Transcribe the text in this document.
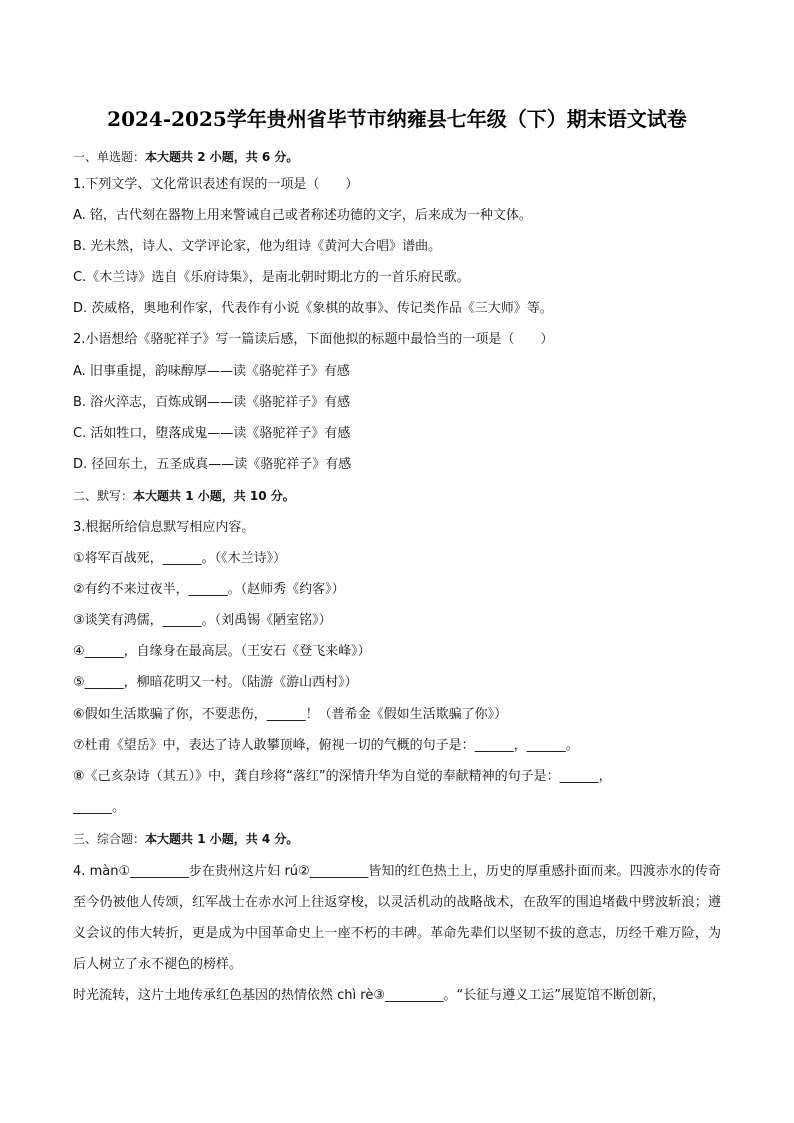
2024-2025学年贵州省毕节市纳雍县七年级（下）期末语文试卷
一、单选题：本大题共 2 小题，共 6 分。
1.下列文学、文化常识表述有误的一项是（　　）
A. 铭，古代刻在器物上用来警诫自己或者称述功德的文字，后来成为一种文体。
B. 光未然，诗人、文学评论家，他为组诗《黄河大合唱》谱曲。
C.《木兰诗》选自《乐府诗集》，是南北朝时期北方的一首乐府民歌。
D. 茨威格，奥地利作家，代表作有小说《象棋的故事》、传记类作品《三大师》等。
2.小语想给《骆驼祥子》写一篇读后感，下面他拟的标题中最恰当的一项是（　　）
A. 旧事重提，韵味醇厚——读《骆驼祥子》有感
B. 浴火淬志，百炼成钢——读《骆驼祥子》有感
C. 活如牲口，堕落成鬼——读《骆驼祥子》有感
D. 径回东土，五圣成真——读《骆驼祥子》有感
二、默写：本大题共 1 小题，共 10 分。
3.根据所给信息默写相应内容。
①将军百战死，______。（《木兰诗》）
②有约不来过夜半，______。（赵师秀《约客》）
③谈笑有鸿儒，______。（刘禹锡《陋室铭》）
④______，自缘身在最高层。（王安石《登飞来峰》）
⑤______，柳暗花明又一村。（陆游《游山西村》）
⑥假如生活欺骗了你，不要悲伤，______！（普希金《假如生活欺骗了你》）
⑦杜甫《望岳》中，表达了诗人敢攀顶峰，俯视一切的气概的句子是：______，______。
⑧《己亥杂诗（其五）》中，龚自珍将“落红”的深情升华为自觉的奉献精神的句子是：______，
______。
三、综合题：本大题共 1 小题，共 4 分。
4. màn①_________步在贵州这片妇 rú②_________皆知的红色热土上，历史的厚重感扑面而来。四渡赤水的传奇至今仍被他人传颂，红军战士在赤水河上往返穿梭，以灵活机动的战略战术，在敌军的围追堵截中劈波斩浪；遵义会议的伟大转折，更是成为中国革命史上一座不朽的丰碑。革命先辈们以坚韧不拔的意志，历经千难万险，为后人树立了永不褪色的榜样。
时光流转，这片土地传承红色基因的热情依然 chì rè③_________。“长征与遵义工运”展览馆不断创新，
